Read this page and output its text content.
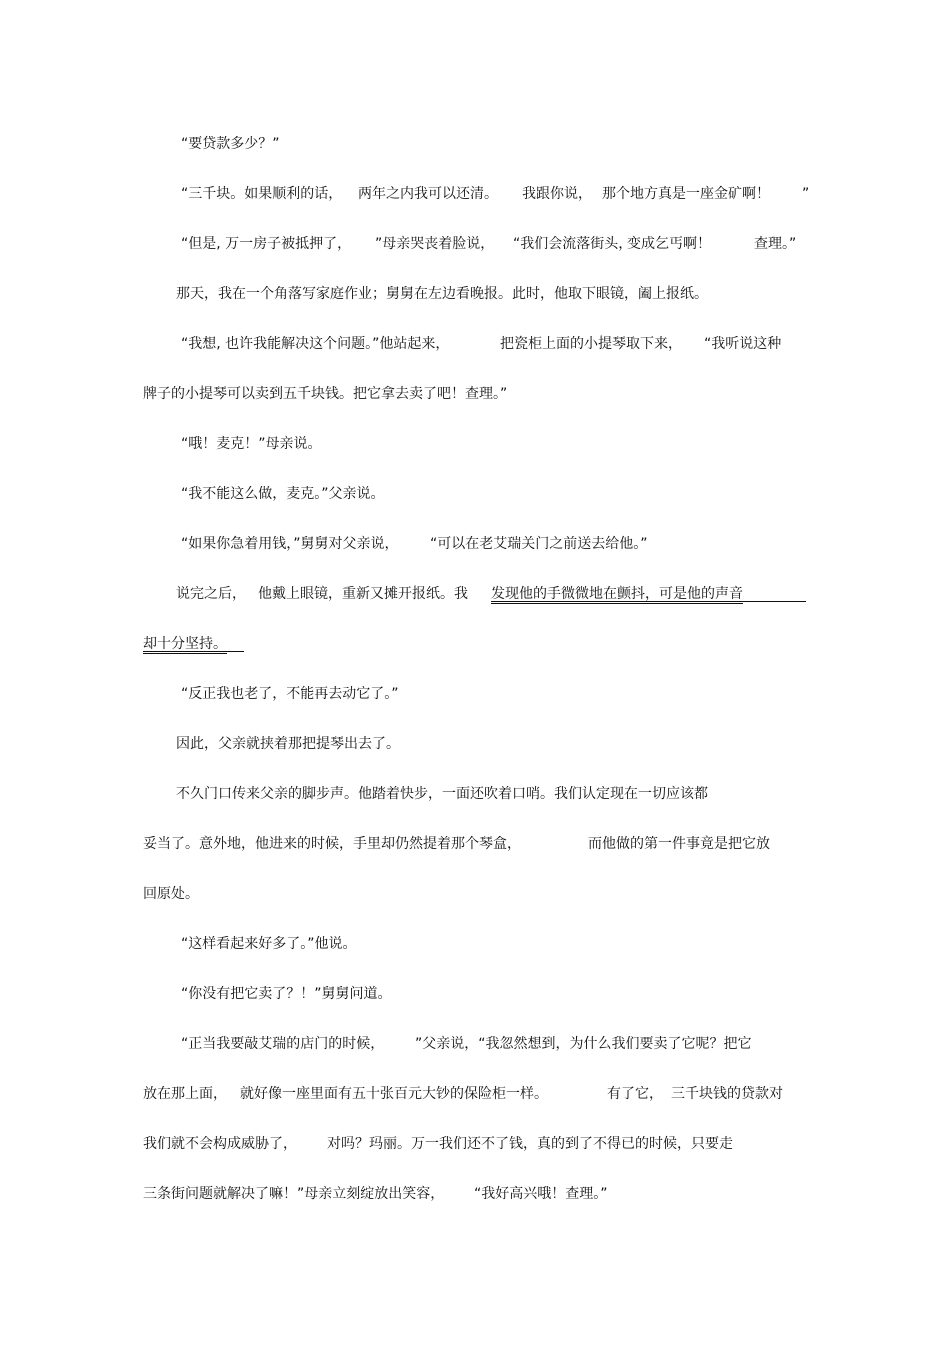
“要贷款多少？”
“三千块。如果顺利的话， 两年之内我可以还清。 我跟你说， 那个地方真是一座金矿啊！ ”
“但是, 万一房子被抵押了， ”母亲哭丧着脸说， “我们会流落街头，
变成乞丐啊！	查理。”
那天，我在一个角落写家庭作业；舅舅在左边看晚报。此时，他取下眼镜，阖上报纸。
“我想, 也许我能解决这个问题。”他站起来，	把瓷柜上面的小提琴取下来， “我听说这种
牌子的小提琴可以卖到五千块钱。把它拿去卖了吧！查理。”
“哦！麦克！”母亲说。
“我不能这么做，麦克。”父亲说。
“如果你急着用钱，”舅舅对父亲说， “可以在老艾瑞关门之前送去给他。”
说完之后， 他戴上眼镜，重新又摊开报纸。我 发现他的手微微地在颤抖，可是他的声音
却十分坚持。
“反正我也老了，不能再去动它了。”
因此，父亲就挟着那把提琴出去了。
不久门口传来父亲的脚步声。他踏着快步，一面还吹着口哨。我们认定现在一切应该都
妥当了。意外地，他进来的时候，手里却仍然提着那个琴盒，	而他做的第一件事竟是把它放
回原处。
“这样看起来好多了。”他说。
“你没有把它卖了？！”舅舅问道。
“正当我要敲艾瑞的店门的时候， ”父亲说，“我忽然想到，为什么我们要卖了它呢？把它
放在那上面， 就好像一座里面有五十张百元大钞的保险柜一样。	有了它， 三千块钱的贷款对
我们就不会构成威胁了， 对吗？玛丽。万一我们还不了钱，真的到了不得已的时候，只要走
三条街问题就解决了嘛！”母亲立刻绽放出笑容， “我好高兴哦！查理。”
